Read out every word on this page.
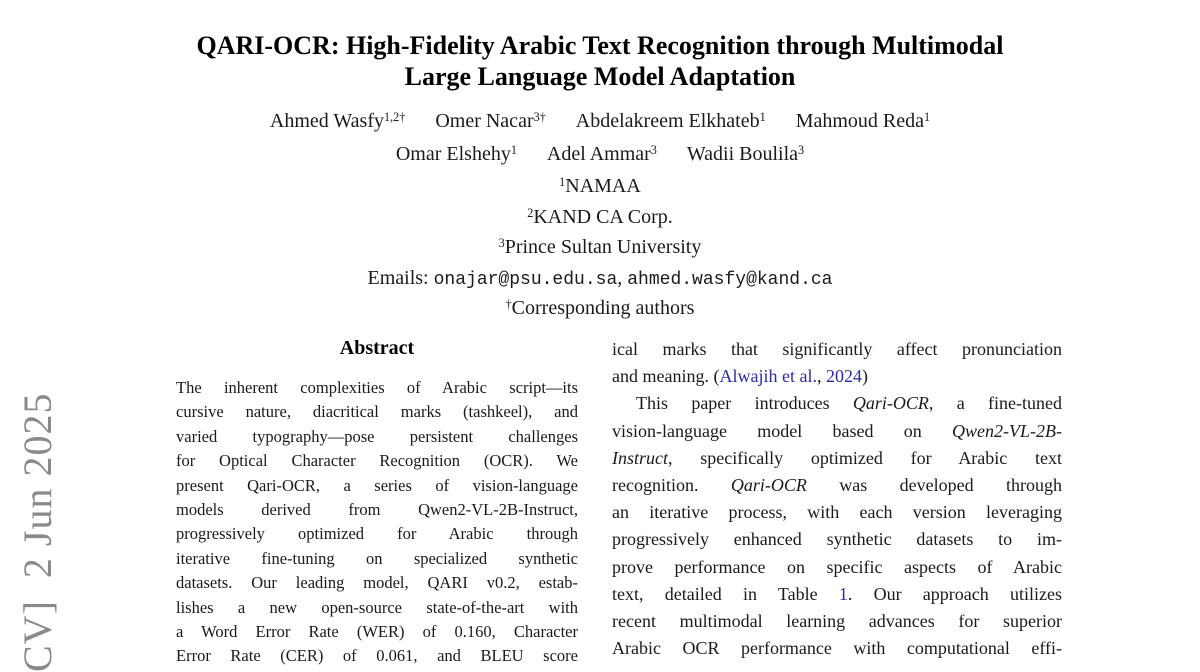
CV]  2 Jun 2025
QARI-OCR: High-Fidelity Arabic Text Recognition through Multimodal
Large Language Model Adaptation
Ahmed Wasfy$^{1,2\dagger}$ Omer Nacar$^{3\dagger}$ Abdelakreem Elkhateb$^1$ Mahmoud Reda$^1$
Omar Elshehy$^1$ Adel Ammar$^3$ Wadii Boulila$^3$
$^1$NAMAA
$^2$KAND CA Corp.
$^3$Prince Sultan University
Emails: onajar@psu.edu.sa, ahmed.wasfy@kand.ca
†Corresponding authors
Abstract
The inherent complexities of Arabic script—its
cursive nature, diacritical marks (tashkeel), and
varied typography—pose persistent challenges
for Optical Character Recognition (OCR). We
present Qari-OCR, a series of vision-language
models derived from Qwen2-VL-2B-Instruct,
progressively optimized for Arabic through
iterative fine-tuning on specialized synthetic
datasets. Our leading model, QARI v0.2, estab-
lishes a new open-source state-of-the-art with
a Word Error Rate (WER) of 0.160, Character
Error Rate (CER) of 0.061, and BLEU score
ical marks that significantly affect pronunciation
and meaning. (Alwajih et al., 2024)
This paper introduces Qari-OCR, a fine-tuned
vision-language model based on Qwen2-VL-2B-
Instruct, specifically optimized for Arabic text
recognition. Qari-OCR was developed through
an iterative process, with each version leveraging
progressively enhanced synthetic datasets to im-
prove performance on specific aspects of Arabic
text, detailed in Table 1. Our approach utilizes
recent multimodal learning advances for superior
Arabic OCR performance with computational effi-
